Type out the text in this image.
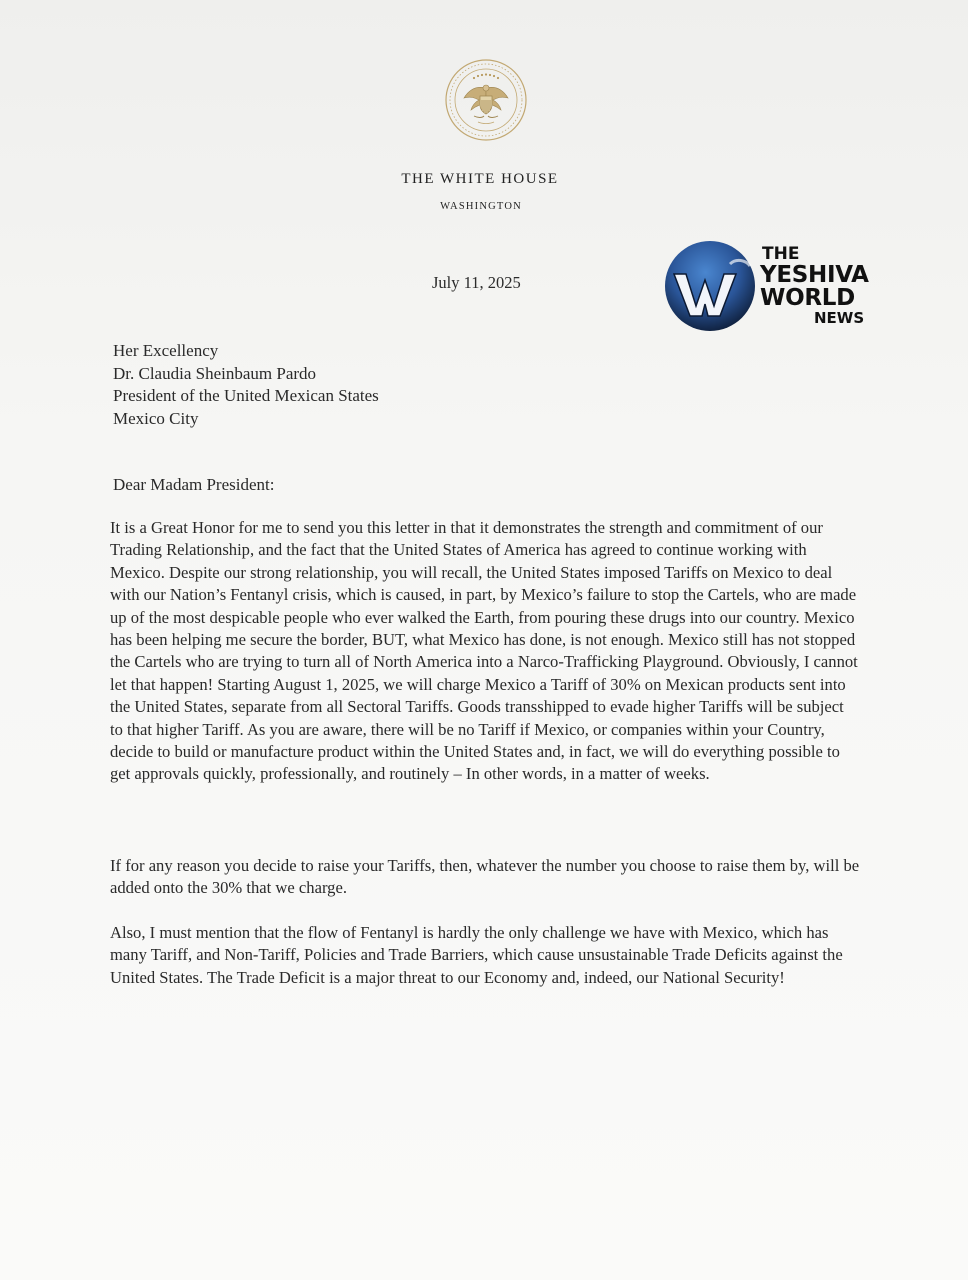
THE WHITE HOUSE
WASHINGTON
July 11, 2025
THE
YESHIVA
WORLD
NEWS
Her Excellency
Dr. Claudia Sheinbaum Pardo
President of the United Mexican States
Mexico City
Dear Madam President:
It is a Great Honor for me to send you this letter in that it demonstrates the strength and commitment of our Trading Relationship, and the fact that the United States of America has agreed to continue working with Mexico. Despite our strong relationship, you will recall, the United States imposed Tariffs on Mexico to deal with our Nation’s Fentanyl crisis, which is caused, in part, by Mexico’s failure to stop the Cartels, who are made up of the most despicable people who ever walked the Earth, from pouring these drugs into our country. Mexico has been helping me secure the border, BUT, what Mexico has done, is not enough. Mexico still has not stopped the Cartels who are trying to turn all of North America into a Narco-Trafficking Playground. Obviously, I cannot let that happen! Starting August 1, 2025, we will charge Mexico a Tariff of 30% on Mexican products sent into the United States, separate from all Sectoral Tariffs. Goods transshipped to evade higher Tariffs will be subject to that higher Tariff. As you are aware, there will be no Tariff if Mexico, or companies within your Country, decide to build or manufacture product within the United States and, in fact, we will do everything possible to get approvals quickly, professionally, and routinely – In other words, in a matter of weeks.
If for any reason you decide to raise your Tariffs, then, whatever the number you choose to raise them by, will be added onto the 30% that we charge.
Also, I must mention that the flow of Fentanyl is hardly the only challenge we have with Mexico, which has many Tariff, and Non-Tariff, Policies and Trade Barriers, which cause unsustainable Trade Deficits against the United States. The Trade Deficit is a major threat to our Economy and, indeed, our National Security!
